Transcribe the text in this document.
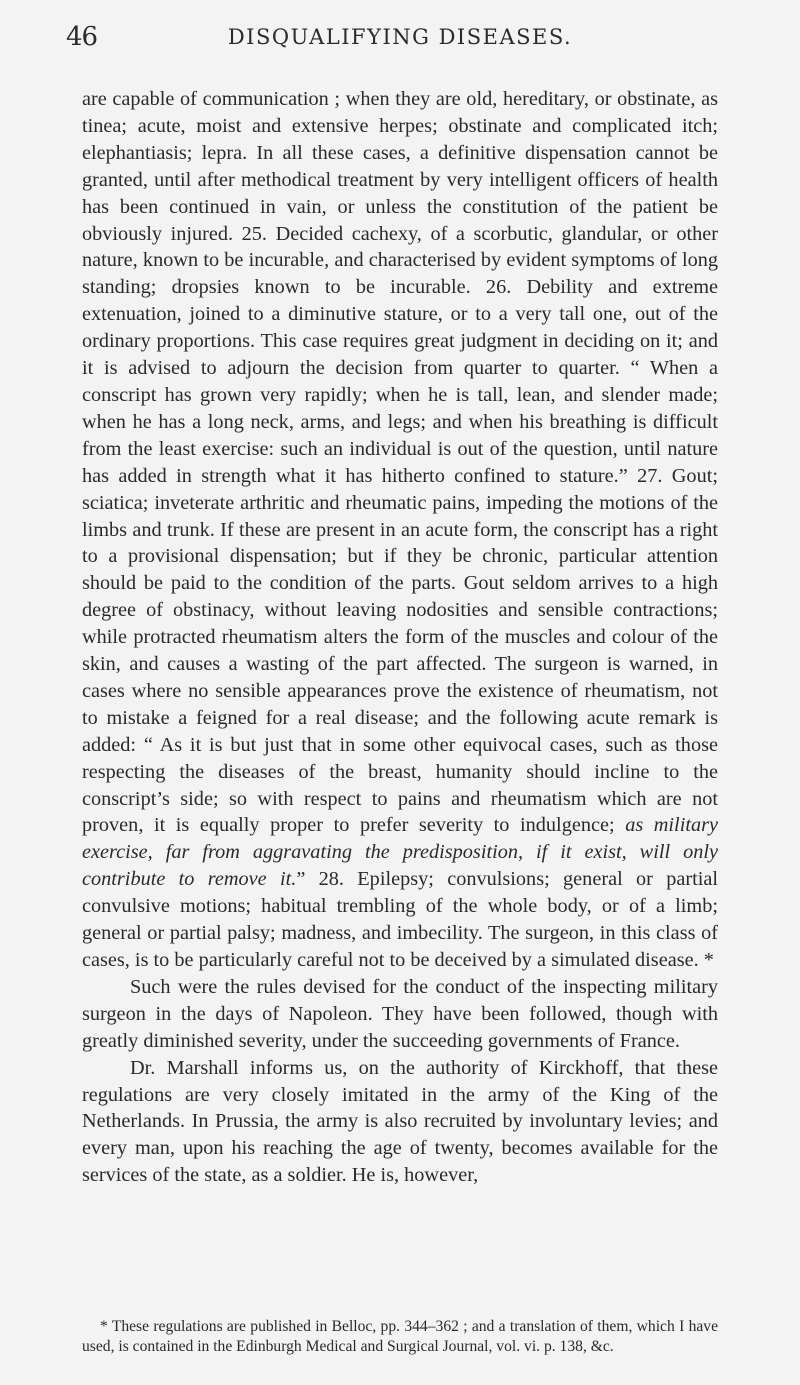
46	DISQUALIFYING DISEASES.

are capable of communication ; when they are old, hereditary, or obstinate, as tinea; acute, moist and extensive herpes; obstinate and complicated itch; elephantiasis; lepra. In all these cases, a definitive dispensation cannot be granted, until after methodical treatment by very intelligent officers of health has been continued in vain, or unless the constitution of the patient be obviously injured. 25. Decided cachexy, of a scorbutic, glandular, or other nature, known to be incurable, and characterised by evident symptoms of long standing; dropsies known to be incurable. 26. Debility and extreme extenuation, joined to a diminutive stature, or to a very tall one, out of the ordinary proportions. This case requires great judgment in deciding on it; and it is advised to adjourn the decision from quarter to quarter. “ When a conscript has grown very rapidly; when he is tall, lean, and slender made; when he has a long neck, arms, and legs; and when his breathing is difficult from the least exercise: such an individual is out of the question, until nature has added in strength what it has hitherto confined to stature.” 27. Gout; sciatica; inveterate arthritic and rheumatic pains, impeding the motions of the limbs and trunk. If these are present in an acute form, the conscript has a right to a provisional dispensation; but if they be chronic, particular attention should be paid to the condition of the parts. Gout seldom arrives to a high degree of obstinacy, without leaving nodosities and sensible contractions; while protracted rheumatism alters the form of the muscles and colour of the skin, and causes a wasting of the part affected. The surgeon is warned, in cases where no sensible appearances prove the existence of rheumatism, not to mistake a feigned for a real disease; and the following acute remark is added: “ As it is but just that in some other equivocal cases, such as those respecting the diseases of the breast, humanity should incline to the conscript’s side; so with respect to pains and rheumatism which are not proven, it is equally proper to prefer severity to indulgence; as military exercise, far from aggravating the predisposition, if it exist, will only contribute to remove it.” 28. Epilepsy; convulsions; general or partial convulsive motions; habitual trembling of the whole body, or of a limb; general or partial palsy; madness, and imbecility. The surgeon, in this class of cases, is to be particularly careful not to be deceived by a simulated disease. *

Such were the rules devised for the conduct of the inspecting military surgeon in the days of Napoleon. They have been followed, though with greatly diminished severity, under the succeeding governments of France.

Dr. Marshall informs us, on the authority of Kirckhoff, that these regulations are very closely imitated in the army of the King of the Netherlands. In Prussia, the army is also recruited by involuntary levies; and every man, upon his reaching the age of twenty, becomes available for the services of the state, as a soldier. He is, however,

* These regulations are published in Belloc, pp. 344–362 ; and a translation of them, which I have used, is contained in the Edinburgh Medical and Surgical Journal, vol. vi. p. 138, &c.
